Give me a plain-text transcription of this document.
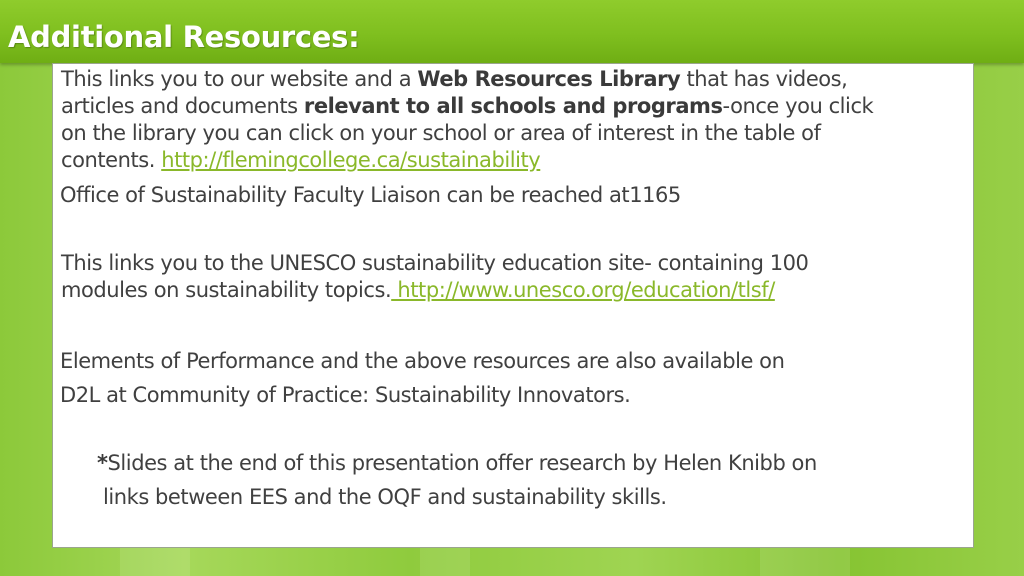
Additional Resources:

This links you to our website and a Web Resources Library that has videos,
articles and documents relevant to all schools and programs-once you click
on the library you can click on your school or area of interest in the table of
contents. http://flemingcollege.ca/sustainability

Office of Sustainability Faculty Liaison can be reached at1165

This links you to the UNESCO sustainability education site- containing 100
modules on sustainability topics. http://www.unesco.org/education/tlsf/

Elements of Performance and the above resources are also available on
D2L at Community of Practice: Sustainability Innovators.

*Slides at the end of this presentation offer research by Helen Knibb on
links between EES and the OQF and sustainability skills.
